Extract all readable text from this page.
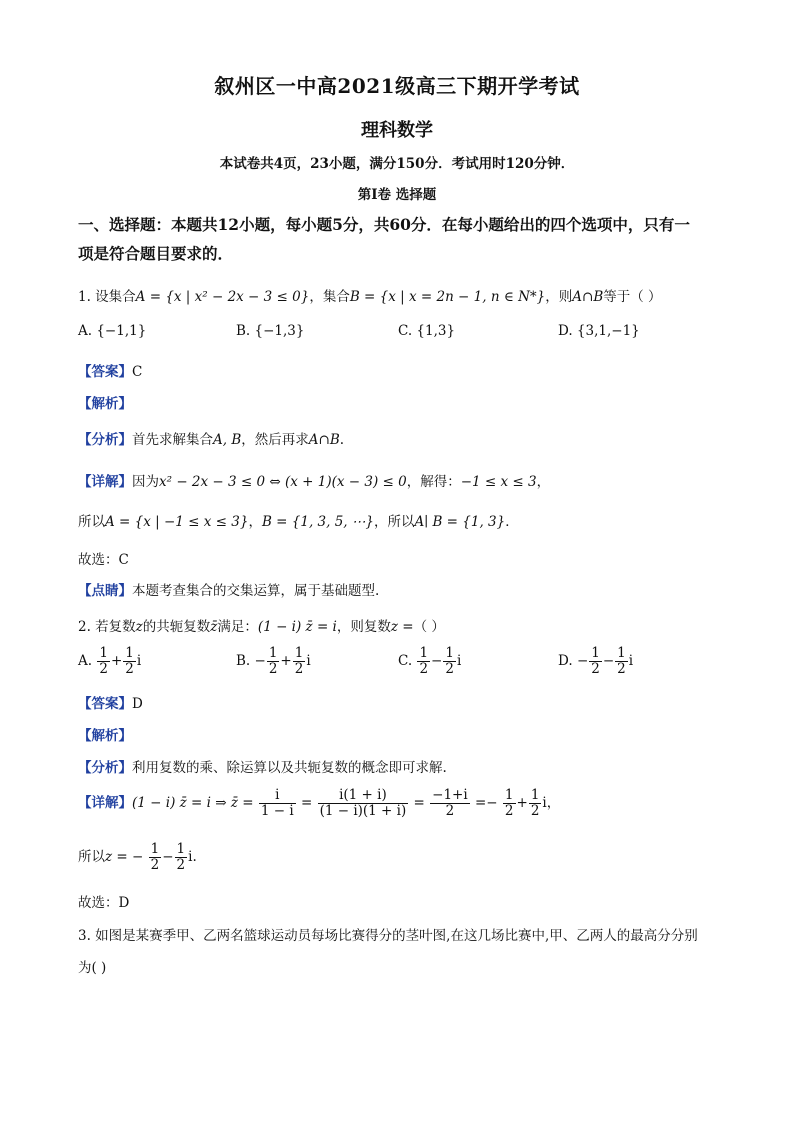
叙州区一中高2021级高三下期开学考试
理科数学
本试卷共4页，23小题，满分150分．考试用时120分钟．
第Ⅰ卷 选择题
一、选择题：本题共12小题，每小题5分，共60分．在每小题给出的四个选项中，只有一
项是符合题目要求的．
1. 设集合A = {x | x² − 2x − 3 ≤ 0}，集合B = {x | x = 2n − 1, n ∈ N*}，则A∩B等于（ ）
A. {−1,1}	B. {−1,3}	C. {1,3}	D. {3,1,−1}
【答案】C
【解析】
【分析】首先求解集合A, B，然后再求A∩B.
【详解】因为x² − 2x − 3 ≤ 0 ⇔ (x + 1)(x − 3) ≤ 0，解得：−1 ≤ x ≤ 3，
所以A = {x | −1 ≤ x ≤ 3}，B = {1, 3, 5, ⋯}，所以A∣ B = {1, 3}．
故选：C
【点睛】本题考查集合的交集运算，属于基础题型.
2. 若复数z的共轭复数z̄满足：(1 − i) z̄ = i，则复数z =（ ）
A. $\frac{1}{2} + \frac{1}{2}$ i	B. − $\frac{1}{2} + \frac{1}{2}$ i	C. $\frac{1}{2} - \frac{1}{2}$ i	D. − $\frac{1}{2} - \frac{1}{2}$ i
【答案】D
【解析】
【分析】利用复数的乘、除运算以及共轭复数的概念即可求解.
【详解】(1 − i) z̄ = i ⇒ z̄ = $\frac{i}{1 - i} = \frac{i(1 + i)}{(1 - i)(1 + i)} = \frac{-1+i}{2} =- \frac{1}{2} + \frac{1}{2}$ i，
所以z = − $\frac{1}{2} - \frac{1}{2} i$.
故选：D
3. 如图是某赛季甲、乙两名篮球运动员每场比赛得分的茎叶图,在这几场比赛中,甲、乙两人的最高分分别
为( )
